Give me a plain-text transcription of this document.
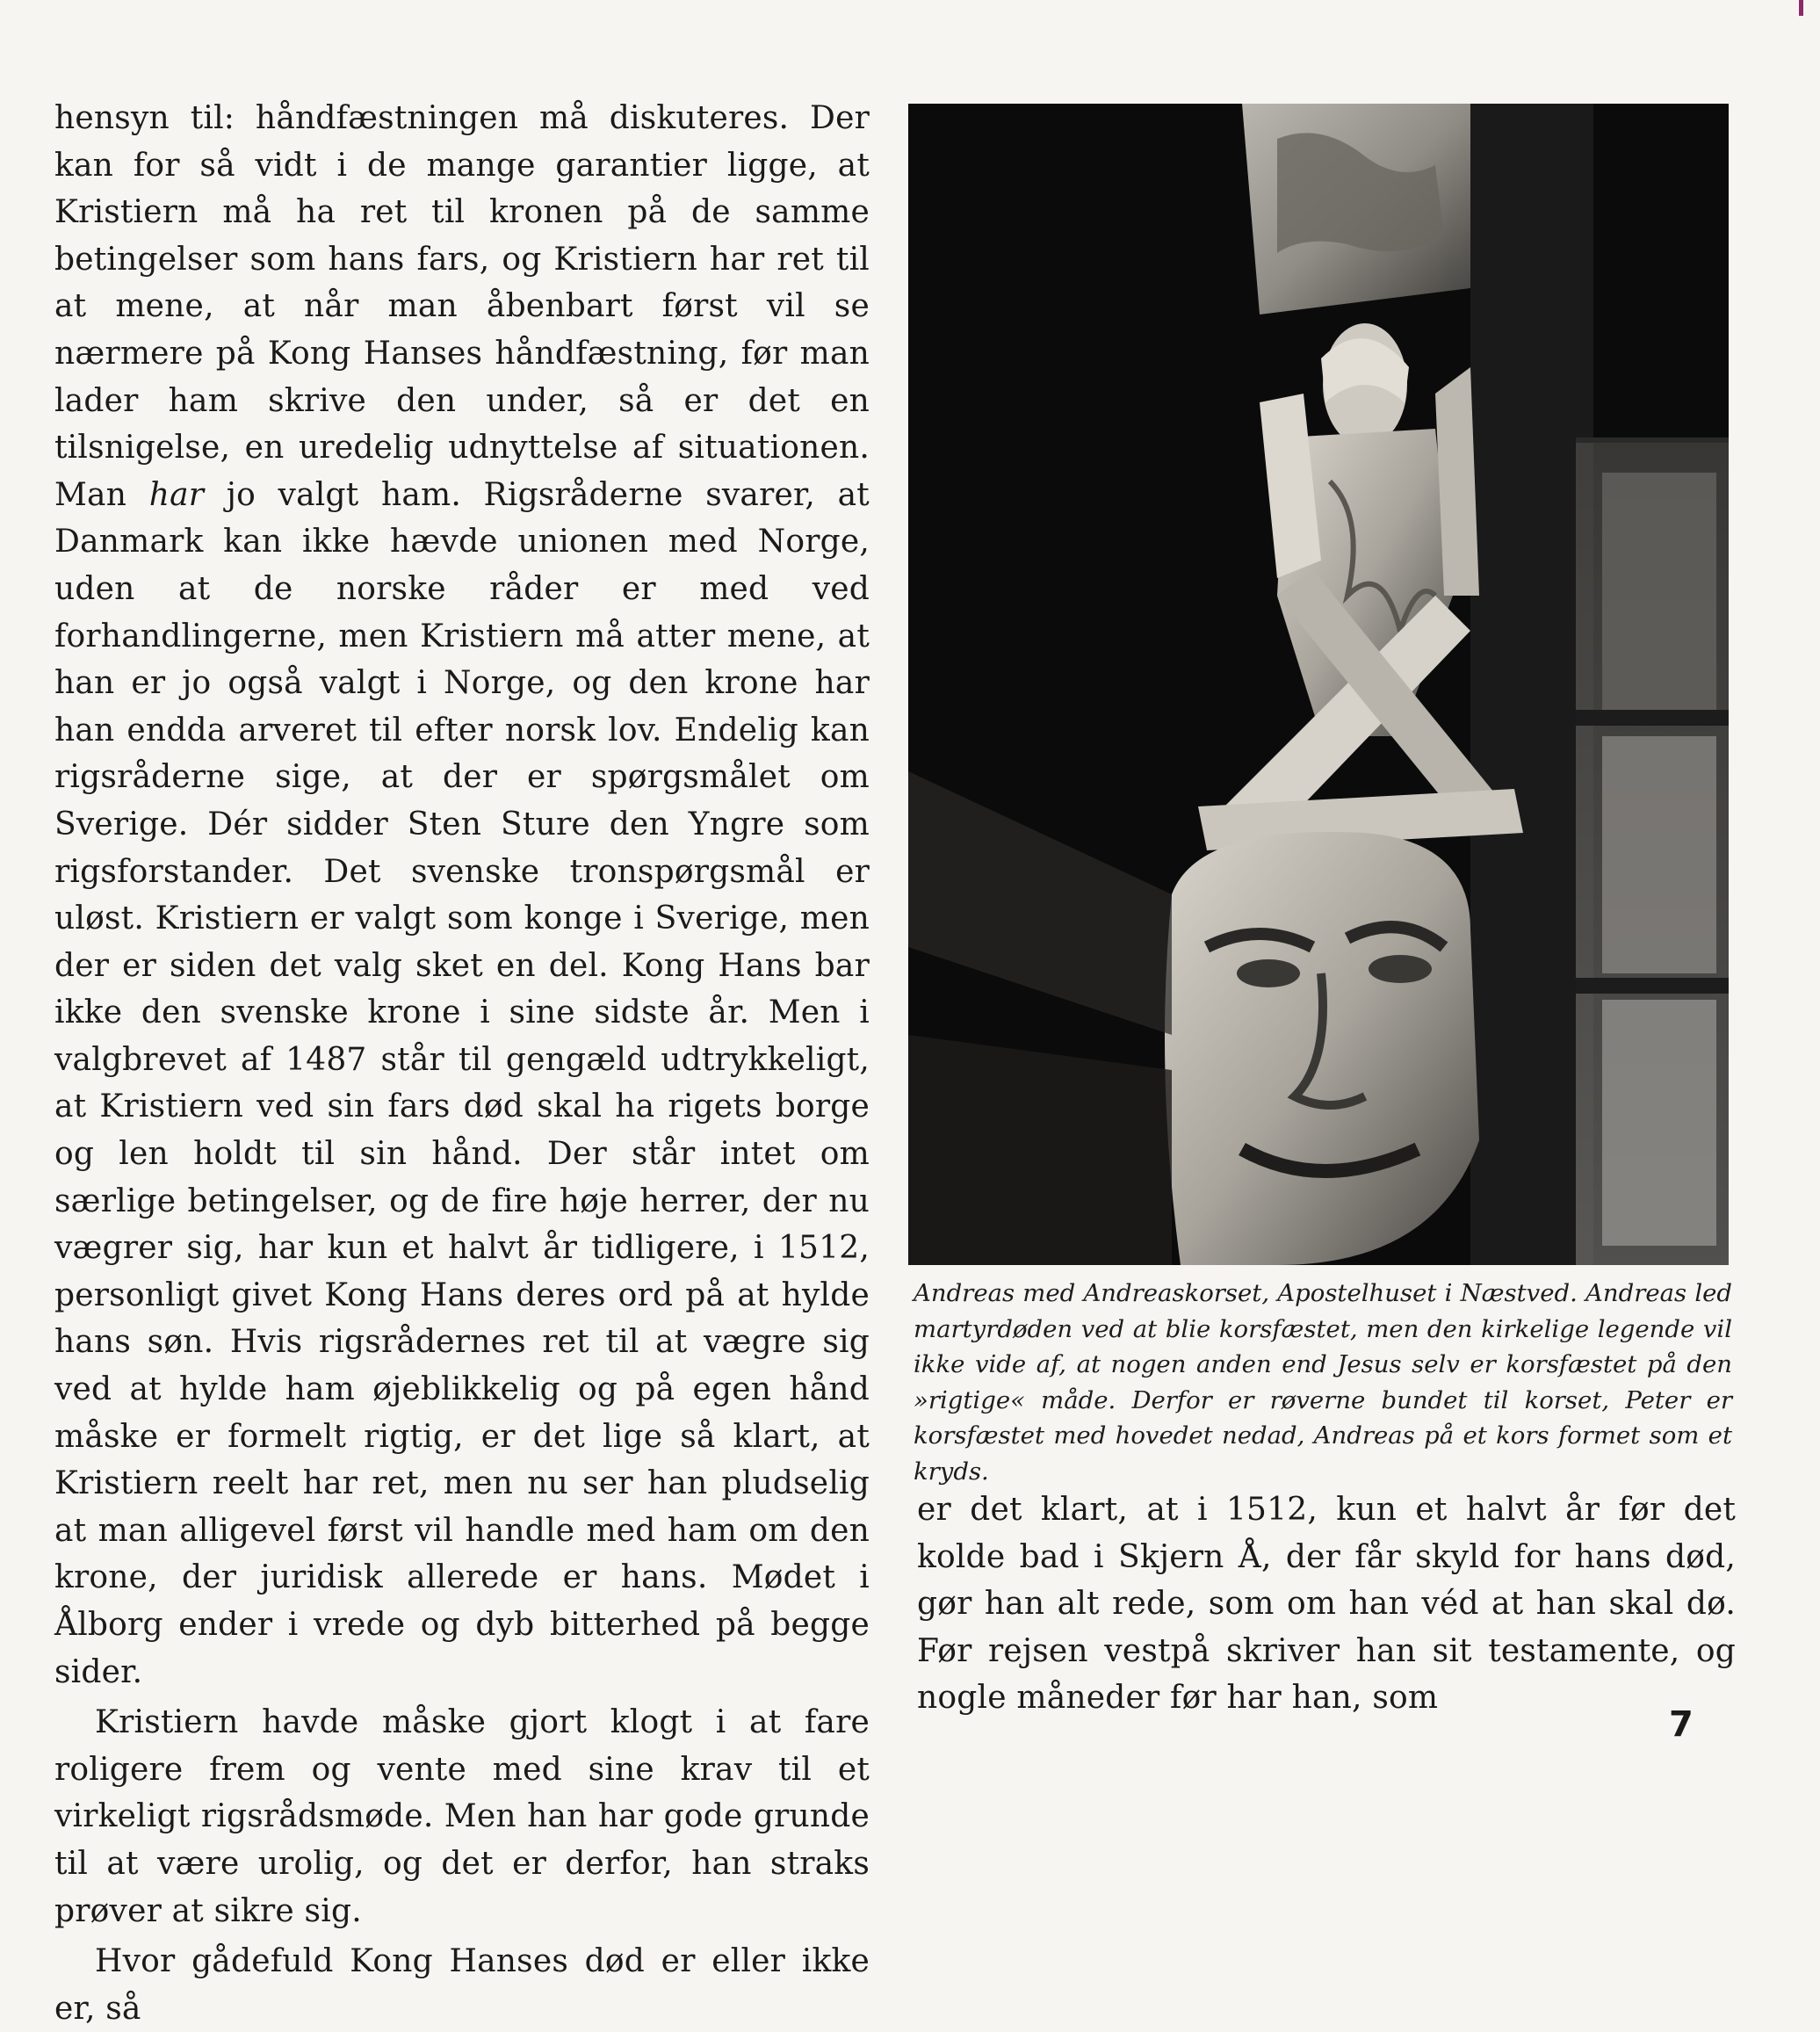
hensyn til: håndfæstningen må diskuteres. Der kan for så vidt i de mange garantier ligge, at Kristiern må ha ret til kronen på de samme betingelser som hans fars, og Kristiern har ret til at mene, at når man åbenbart først vil se nærmere på Kong Hanses håndfæstning, før man lader ham skrive den under, så er det en tilsnigelse, en uredelig udnyttelse af situationen. Man har jo valgt ham. Rigsråderne svarer, at Danmark kan ikke hævde unionen med Norge, uden at de norske råder er med ved forhandlingerne, men Kristiern må atter mene, at han er jo også valgt i Norge, og den krone har han endda arveret til efter norsk lov. Endelig kan rigsråderne sige, at der er spørgsmålet om Sverige. Dér sidder Sten Sture den Yngre som rigsforstander. Det svenske tronspørgsmål er uløst. Kristiern er valgt som konge i Sverige, men der er siden det valg sket en del. Kong Hans bar ikke den svenske krone i sine sidste år. Men i valgbrevet af 1487 står til gengæld udtrykkeligt, at Kristiern ved sin fars død skal ha rigets borge og len holdt til sin hånd. Der står intet om særlige betingelser, og de fire høje herrer, der nu vægrer sig, har kun et halvt år tidligere, i 1512, personligt givet Kong Hans deres ord på at hylde hans søn. Hvis rigsrådernes ret til at vægre sig ved at hylde ham øjeblikkelig og på egen hånd måske er formelt rigtig, er det lige så klart, at Kristiern reelt har ret, men nu ser han pludselig at man alligevel først vil handle med ham om den krone, der juridisk allerede er hans. Mødet i Ålborg ender i vrede og dyb bitterhed på begge sider.

Kristiern havde måske gjort klogt i at fare roligere frem og vente med sine krav til et virkeligt rigsrådsmøde. Men han har gode grunde til at være urolig, og det er derfor, han straks prøver at sikre sig.

Hvor gådefuld Kong Hanses død er eller ikke er, så

Andreas med Andreaskorset, Apostelhuset i Næstved. Andreas led martyrdøden ved at blie korsfæstet, men den kirkelige legende vil ikke vide af, at nogen anden end Jesus selv er korsfæstet på den »rigtige« måde. Derfor er røverne bundet til korset, Peter er korsfæstet med hovedet nedad, Andreas på et kors formet som et kryds.

er det klart, at i 1512, kun et halvt år før det kolde bad i Skjern Å, der får skyld for hans død, gør han alt rede, som om han véd at han skal dø. Før rejsen vestpå skriver han sit testamente, og nogle måneder før har han, som

7
